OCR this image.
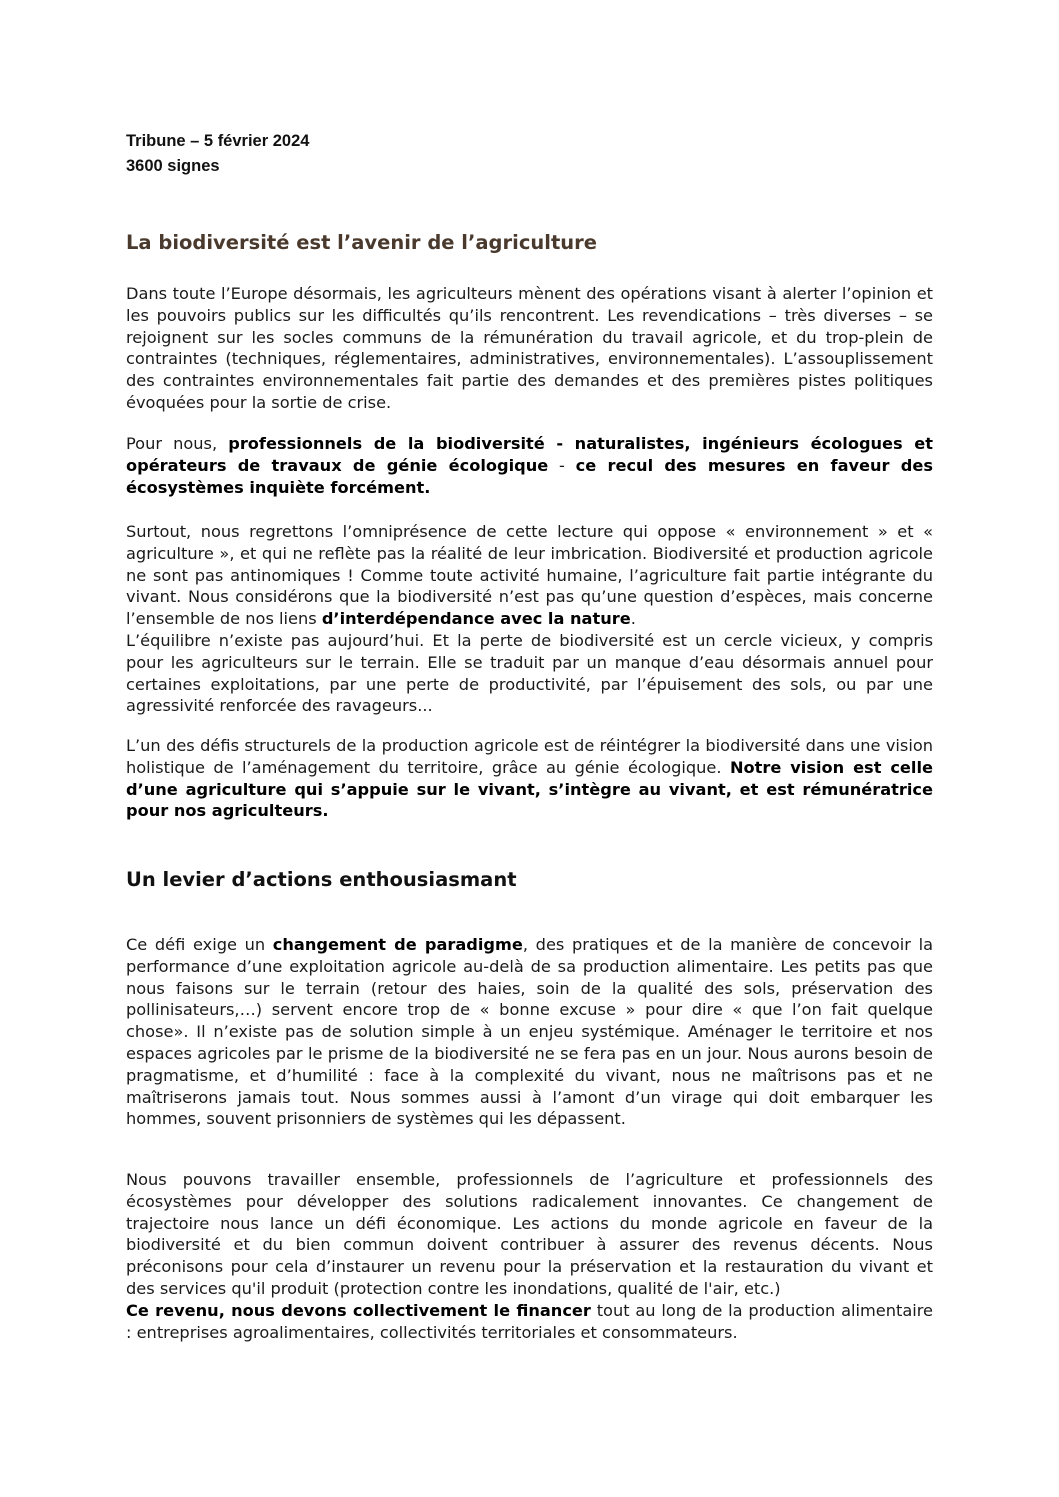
Tribune – 5 février 2024
3600 signes
La biodiversité est l’avenir de l’agriculture

Dans toute l’Europe désormais, les agriculteurs mènent des opérations visant à alerter l’opinion et les pouvoirs publics sur les difficultés qu’ils rencontrent. Les revendications – très diverses – se rejoignent sur les socles communs de la rémunération du travail agricole, et du trop-plein de contraintes (techniques, réglementaires, administratives, environnementales). L’assouplissement des contraintes environnementales fait partie des demandes et des premières pistes politiques évoquées pour la sortie de crise.

Pour nous, professionnels de la biodiversité - naturalistes, ingénieurs écologues et opérateurs de travaux de génie écologique - ce recul des mesures en faveur des écosystèmes inquiète forcément.

Surtout, nous regrettons l’omniprésence de cette lecture qui oppose « environnement » et « agriculture », et qui ne reflète pas la réalité de leur imbrication. Biodiversité et production agricole ne sont pas antinomiques ! Comme toute activité humaine, l’agriculture fait partie intégrante du vivant. Nous considérons que la biodiversité n’est pas qu’une question d’espèces, mais concerne l’ensemble de nos liens d’interdépendance avec la nature.
L’équilibre n’existe pas aujourd’hui. Et la perte de biodiversité est un cercle vicieux, y compris pour les agriculteurs sur le terrain. Elle se traduit par un manque d’eau désormais annuel pour certaines exploitations, par une perte de productivité, par l’épuisement des sols, ou par une agressivité renforcée des ravageurs...

L’un des défis structurels de la production agricole est de réintégrer la biodiversité dans une vision holistique de l’aménagement du territoire, grâce au génie écologique. Notre vision est celle d’une agriculture qui s’appuie sur le vivant, s’intègre au vivant, et est rémunératrice pour nos agriculteurs.

Un levier d’actions enthousiasmant

Ce défi exige un changement de paradigme, des pratiques et de la manière de concevoir la performance d’une exploitation agricole au-delà de sa production alimentaire. Les petits pas que nous faisons sur le terrain (retour des haies, soin de la qualité des sols, préservation des pollinisateurs,…) servent encore trop de « bonne excuse » pour dire « que l’on fait quelque chose». Il n’existe pas de solution simple à un enjeu systémique. Aménager le territoire et nos espaces agricoles par le prisme de la biodiversité ne se fera pas en un jour. Nous aurons besoin de pragmatisme, et d’humilité : face à la complexité du vivant, nous ne maîtrisons pas et ne maîtriserons jamais tout. Nous sommes aussi à l’amont d’un virage qui doit embarquer les hommes, souvent prisonniers de systèmes qui les dépassent.

Nous pouvons travailler ensemble, professionnels de l’agriculture et professionnels des écosystèmes pour développer des solutions radicalement innovantes. Ce changement de trajectoire nous lance un défi économique. Les actions du monde agricole en faveur de la biodiversité et du bien commun doivent contribuer à assurer des revenus décents. Nous préconisons pour cela d’instaurer un revenu pour la préservation et la restauration du vivant et des services qu'il produit (protection contre les inondations, qualité de l'air, etc.)
Ce revenu, nous devons collectivement le financer tout au long de la production alimentaire : entreprises agroalimentaires, collectivités territoriales et consommateurs.
